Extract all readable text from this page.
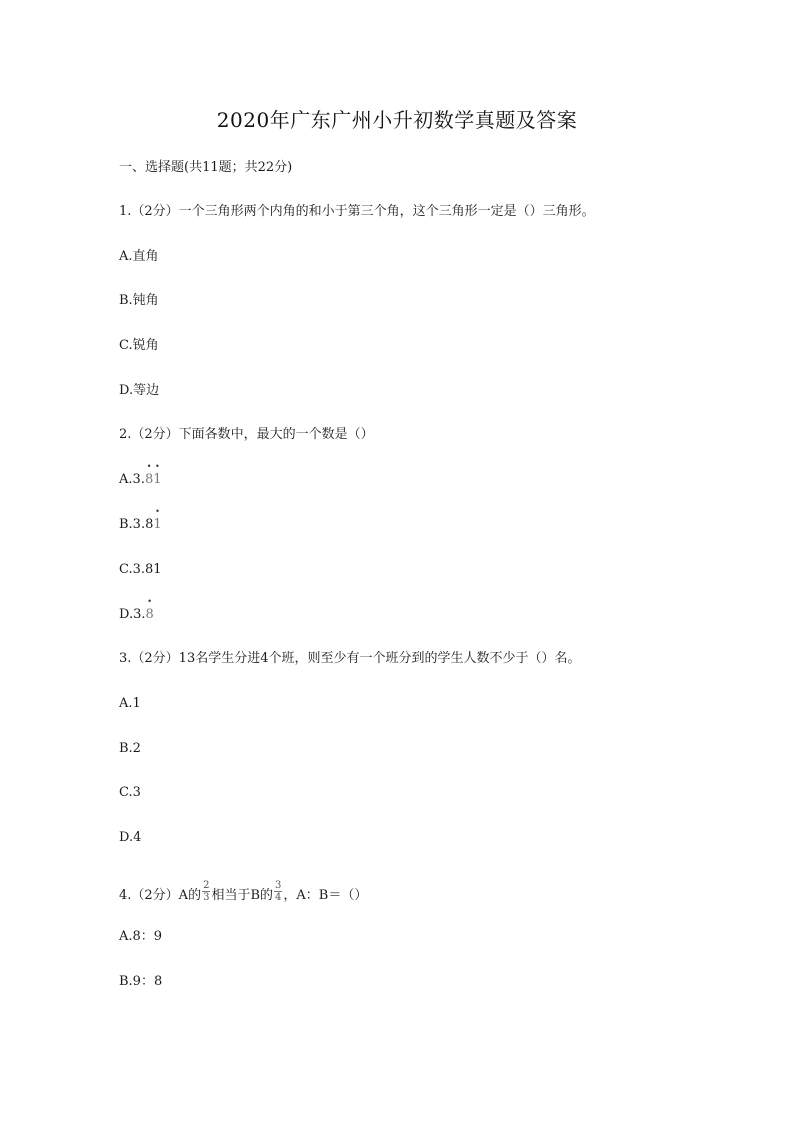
2020年广东广州小升初数学真题及答案
一、选择题(共11题；共22分)
1.（2分）一个三角形两个内角的和小于第三个角，这个三角形一定是（）三角形。
A.直角
B.钝角
C.锐角
D.等边
2.（2分）下面各数中，最大的一个数是（）
A.3.• 8• 1
B.3.8• 1
C.3.81
D.3.• 8
3.（2分）13名学生分进4个班，则至少有一个班分到的学生人数不少于（）名。
A.1
B.2
C.3
D.4
4.（2分）A的 $\frac{2}{3}$ 相当于B的 $\frac{3}{4}$ ，A：B＝（）
A.8：9
B.9：8
